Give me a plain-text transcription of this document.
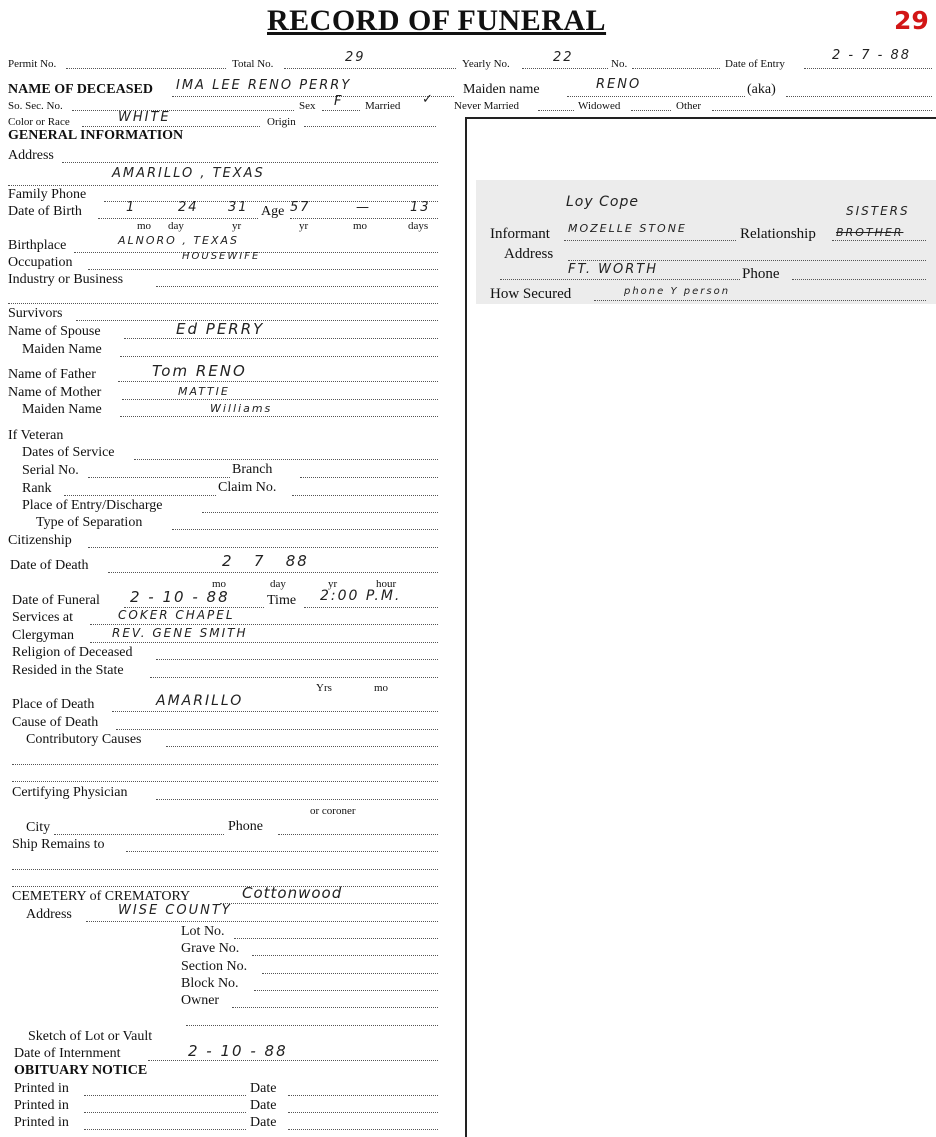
RECORD OF FUNERAL	29
Permit No.	Total No.	29	Yearly No.	22	No.	Date of Entry
2 - 7 - 88
NAME OF DECEASED IMA LEE RENO PERRY	Maiden name	RENO	(aka)
So. Sec. No.	Sex F Married ✓ Never Married	Widowed	Other
Color or Race	WHITE	Origin
GENERAL INFORMATION
Address
AMARILLO , TEXAS
Family Phone
Date of Birth	1	24 31 Age 57	—	13
mo day	yr	yr	mo	days
Birthplace	ALNORO , TEXAS
Occupation	HOUSEWIFE
Industry or Business
Survivors
Name of Spouse	Ed PERRY
Maiden Name
Name of Father	Tom RENO
Name of Mother	MATTIE
Maiden Name	Williams
If Veteran
Dates of Service
Serial No.	Branch
Rank	Claim No.
Place of Entry/Discharge
Type of Separation
Citizenship
Date of Death	2   7   88
mo	day	yr	hour
Date of Funeral 2 - 10 - 88	Time 2:00 P.M.
Services at	COKER CHAPEL
Clergyman	REV. GENE SMITH
Religion of Deceased
Resided in the State
Yrs	mo
Place of Death	AMARILLO
Cause of Death
Contributory Causes
Certifying Physician
or coroner
City	Phone
Ship Remains to
CEMETERY of CREMATORY	Cottonwood
Address	WISE COUNTY
Lot No.
Grave No.
Section No.
Block No.
Owner
Sketch of Lot or Vault
Date of Internment	2 - 10 - 88
OBITUARY NOTICE
Printed in	Date
Printed in	Date
Printed in	Date
Loy Cope
Informant MOZELLE STONE	Relationship BROTHER
SISTERS
Address
FT. WORTH	Phone
How Secured	phone Y person
